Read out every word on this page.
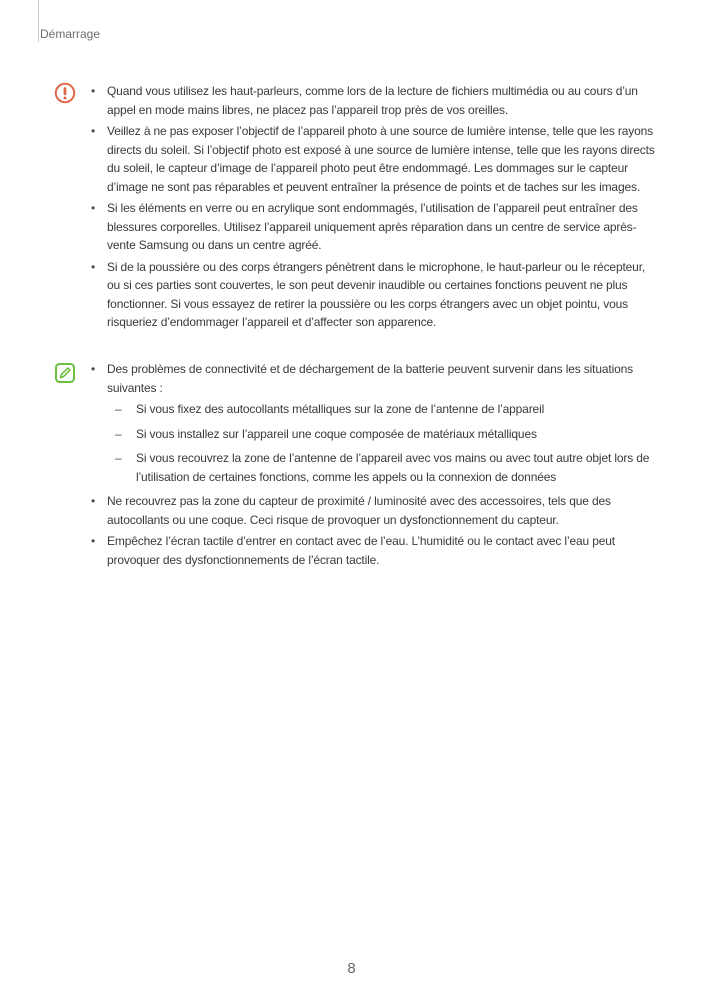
Démarrage
• Quand vous utilisez les haut-parleurs, comme lors de la lecture de fichiers multimédia ou au cours d’un appel en mode mains libres, ne placez pas l’appareil trop près de vos oreilles.
• Veillez à ne pas exposer l’objectif de l’appareil photo à une source de lumière intense, telle que les rayons directs du soleil. Si l’objectif photo est exposé à une source de lumière intense, telle que les rayons directs du soleil, le capteur d’image de l’appareil photo peut être endommagé. Les dommages sur le capteur d’image ne sont pas réparables et peuvent entraîner la présence de points et de taches sur les images.
• Si les éléments en verre ou en acrylique sont endommagés, l’utilisation de l’appareil peut entraîner des blessures corporelles. Utilisez l’appareil uniquement après réparation dans un centre de service après-vente Samsung ou dans un centre agréé.
• Si de la poussière ou des corps étrangers pénètrent dans le microphone, le haut-parleur ou le récepteur, ou si ces parties sont couvertes, le son peut devenir inaudible ou certaines fonctions peuvent ne plus fonctionner. Si vous essayez de retirer la poussière ou les corps étrangers avec un objet pointu, vous risqueriez d’endommager l’appareil et d’affecter son apparence.
• Des problèmes de connectivité et de déchargement de la batterie peuvent survenir dans les situations suivantes :
– Si vous fixez des autocollants métalliques sur la zone de l’antenne de l’appareil
– Si vous installez sur l’appareil une coque composée de matériaux métalliques
– Si vous recouvrez la zone de l’antenne de l’appareil avec vos mains ou avec tout autre objet lors de l’utilisation de certaines fonctions, comme les appels ou la connexion de données
• Ne recouvrez pas la zone du capteur de proximité / luminosité avec des accessoires, tels que des autocollants ou une coque. Ceci risque de provoquer un dysfonctionnement du capteur.
• Empêchez l’écran tactile d’entrer en contact avec de l’eau. L’humidité ou le contact avec l’eau peut provoquer des dysfonctionnements de l’écran tactile.
8
